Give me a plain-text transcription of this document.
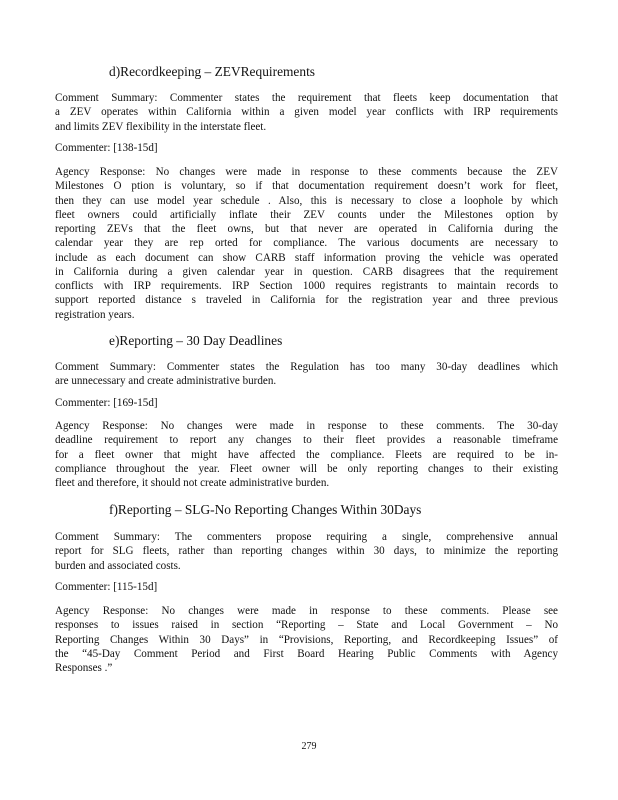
d)Recordkeeping – ZEVRequirements
Comment Summary: Commenter states the requirement that fleets keep documentation that
a ZEV operates within California within a given model year conflicts with IRP requirements
and limits ZEV flexibility in the interstate fleet.
Commenter: [138-15d]
Agency Response: No changes were made in response to these comments because the ZEV
Milestones O ption is voluntary, so if that documentation requirement doesn’t work for fleet,
then they can use model year schedule . Also, this is necessary to close a loophole by which
fleet owners could artificially inflate their ZEV counts under the Milestones option by
reporting ZEVs that the fleet owns, but that never are operated in California during the
calendar year they are rep orted for compliance. The various documents are necessary to
include as each document can show CARB staff information proving the vehicle was operated
in California during a given calendar year in question. CARB disagrees that the requirement
conflicts with IRP requirements. IRP Section 1000 requires registrants to maintain records to
support reported distance s traveled in California for the registration year and three previous
registration years.
e)Reporting – 30 Day Deadlines
Comment Summary: Commenter states the Regulation has too many 30-day deadlines which
are unnecessary and create administrative burden.
Commenter: [169-15d]
Agency Response: No changes were made in response to these comments. The 30-day
deadline requirement to report any changes to their fleet provides a reasonable timeframe
for a fleet owner that might have affected the compliance. Fleets are required to be in-
compliance throughout the year. Fleet owner will be only reporting changes to their existing
fleet and therefore, it should not create administrative burden.
f)Reporting – SLG-No Reporting Changes Within 30Days
Comment Summary: The commenters propose requiring a single, comprehensive annual
report for SLG fleets, rather than reporting changes within 30 days, to minimize the reporting
burden and associated costs.
Commenter: [115-15d]
Agency Response: No changes were made in response to these comments. Please see
responses to issues raised in section “Reporting – State and Local Government – No
Reporting Changes Within 30 Days” in “Provisions, Reporting, and Recordkeeping Issues” of
the “45-Day Comment Period and First Board Hearing Public Comments with Agency
Responses .”
279
